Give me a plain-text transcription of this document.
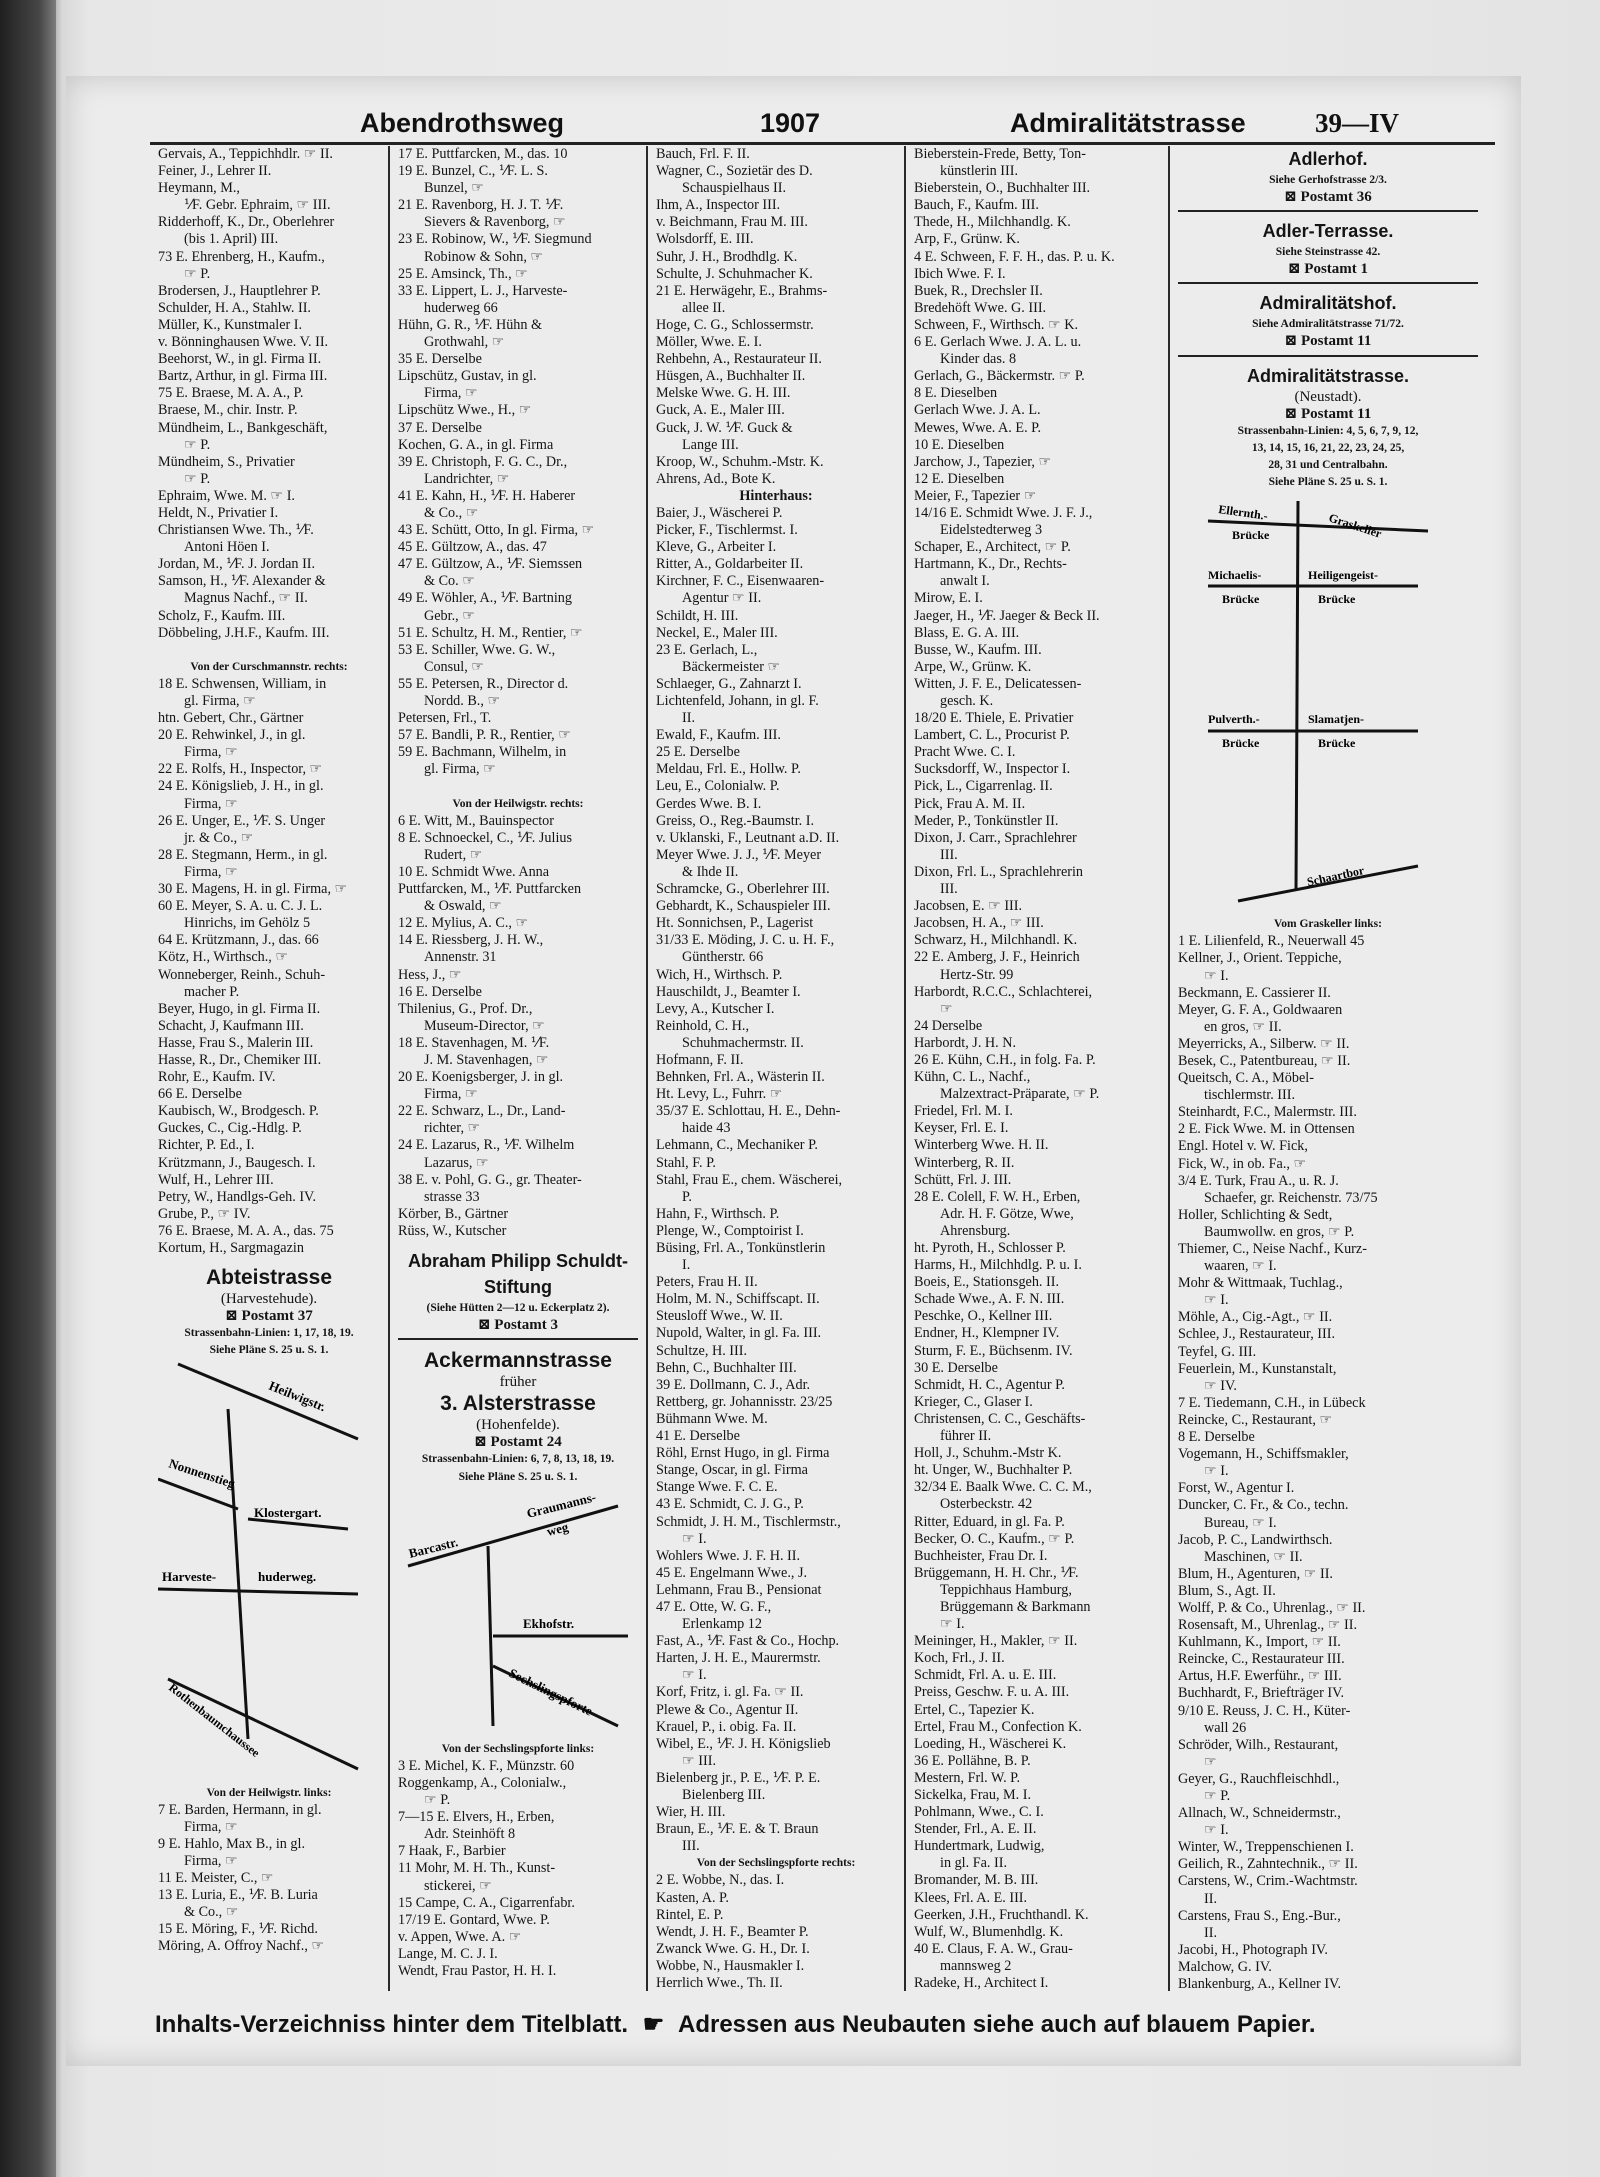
Abendrothsweg	1907	Admiralitätstrasse	39—IV
Gervais, A., Teppichhdlr. ☞ II.
Feiner, J., Lehrer II.
Heymann, M.,
⅟F. Gebr. Ephraim, ☞ III.
Ridderhoff, K., Dr., Oberlehrer
(bis 1. April) III.
73 E. Ehrenberg, H., Kaufm.,
☞ P.
Brodersen, J., Hauptlehrer P.
Schulder, H. A., Stahlw. II.
Müller, K., Kunstmaler I.
v. Bönninghausen Wwe. V. II.
Beehorst, W., in gl. Firma II.
Bartz, Arthur, in gl. Firma III.
75 E. Braese, M. A. A., P.
Braese, M., chir. Instr. P.
Mündheim, L., Bankgeschäft,
☞ P.
Mündheim, S., Privatier
☞ P.
Ephraim, Wwe. M. ☞ I.
Heldt, N., Privatier I.
Christiansen Wwe. Th., ⅟F.
Antoni Höen I.
Jordan, M., ⅟F. J. Jordan II.
Samson, H., ⅟F. Alexander &
Magnus Nachf., ☞ II.
Scholz, F., Kaufm. III.
Döbbeling, J.H.F., Kaufm. III.

Von der Curschmannstr. rechts:
18 E. Schwensen, William, in
gl. Firma, ☞
htn. Gebert, Chr., Gärtner
20 E. Rehwinkel, J., in gl.
Firma, ☞
22 E. Rolfs, H., Inspector, ☞
24 E. Königslieb, J. H., in gl.
Firma, ☞
26 E. Unger, E., ⅟F. S. Unger
jr. & Co., ☞
28 E. Stegmann, Herm., in gl.
Firma, ☞
30 E. Magens, H. in gl. Firma, ☞
60 E. Meyer, S. A. u. C. J. L.
Hinrichs, im Gehölz 5
64 E. Krützmann, J., das. 66
Kötz, H., Wirthsch., ☞
Wonneberger, Reinh., Schuh-
macher P.
Beyer, Hugo, in gl. Firma II.
Schacht, J, Kaufmann III.
Hasse, Frau S., Malerin III.
Hasse, R., Dr., Chemiker III.
Rohr, E., Kaufm. IV.
66 E. Derselbe
Kaubisch, W., Brodgesch. P.
Guckes, C., Cig.-Hdlg. P.
Richter, P. Ed., I.
Krützmann, J., Baugesch. I.
Wulf, H., Lehrer III.
Petry, W., Handlgs-Geh. IV.
Grube, P., ☞ IV.
76 E. Braese, M. A. A., das. 75
Kortum, H., Sargmagazin
Abteistrasse
(Harvestehude).
⊠ Postamt 37
Strassenbahn-Linien: 1, 17, 18, 19.
Siehe Pläne S. 25 u. S. 1.
Heilwigstr.
Nonnenstieg
Klostergart.
Harveste-	huderweg.
Rothenbaumchaussee
Von der Heilwigstr. links:
7 E. Barden, Hermann, in gl.
Firma, ☞
9 E. Hahlo, Max B., in gl.
Firma, ☞
11 E. Meister, C., ☞
13 E. Luria, E., ⅟F. B. Luria
& Co., ☞
15 E. Möring, F., ⅟F. Richd.
Möring, A. Offroy Nachf., ☞
17 E. Puttfarcken, M., das. 10
19 E. Bunzel, C., ⅟F. L. S.
Bunzel, ☞
21 E. Ravenborg, H. J. T. ⅟F.
Sievers & Ravenborg, ☞
23 E. Robinow, W., ⅟F. Siegmund
Robinow & Sohn, ☞
25 E. Amsinck, Th., ☞
33 E. Lippert, L. J., Harveste-
huderweg 66
Hühn, G. R., ⅟F. Hühn &
Grothwahl, ☞
35 E. Derselbe
Lipschütz, Gustav, in gl.
Firma, ☞
Lipschütz Wwe., H., ☞
37 E. Derselbe
Kochen, G. A., in gl. Firma
39 E. Christoph, F. G. C., Dr.,
Landrichter, ☞
41 E. Kahn, H., ⅟F. H. Haberer
& Co., ☞
43 E. Schütt, Otto, In gl. Firma, ☞
45 E. Gültzow, A., das. 47
47 E. Gültzow, A., ⅟F. Siemssen
& Co. ☞
49 E. Wöhler, A., ⅟F. Bartning
Gebr., ☞
51 E. Schultz, H. M., Rentier, ☞
53 E. Schiller, Wwe. G. W.,
Consul, ☞
55 E. Petersen, R., Director d.
Nordd. B., ☞
Petersen, Frl., T.
57 E. Bandli, P. R., Rentier, ☞
59 E. Bachmann, Wilhelm, in
gl. Firma, ☞

Von der Heilwigstr. rechts:
6 E. Witt, M., Bauinspector
8 E. Schnoeckel, C., ⅟F. Julius
Rudert, ☞
10 E. Schmidt Wwe. Anna
Puttfarcken, M., ⅟F. Puttfarcken
& Oswald, ☞
12 E. Mylius, A. C., ☞
14 E. Riessberg, J. H. W.,
Annenstr. 31
Hess, J., ☞
16 E. Derselbe
Thilenius, G., Prof. Dr.,
Museum-Director, ☞
18 E. Stavenhagen, M. ⅟F.
J. M. Stavenhagen, ☞
20 E. Koenigsberger, J. in gl.
Firma, ☞
22 E. Schwarz, L., Dr., Land-
richter, ☞
24 E. Lazarus, R., ⅟F. Wilhelm
Lazarus, ☞
38 E. v. Pohl, G. G., gr. Theater-
strasse 33
Körber, B., Gärtner
Rüss, W., Kutscher
Abraham Philipp Schuldt-
Stiftung
(Siehe Hütten 2—12 u. Eckerplatz 2).
⊠ Postamt 3
Ackermannstrasse
früher
3. Alsterstrasse
(Hohenfelde).
⊠ Postamt 24
Strassenbahn-Linien: 6, 7, 8, 13, 18, 19.
Siehe Pläne S. 25 u. S. 1.
Barcastr.
Graumanns-
weg
Ekhofstr.
Sechslingspforte
Von der Sechslingspforte links:
3 E. Michel, K. F., Münzstr. 60
Roggenkamp, A., Colonialw.,
☞ P.
7—15 E. Elvers, H., Erben,
Adr. Steinhöft 8
7 Haak, F., Barbier
11 Mohr, M. H. Th., Kunst-
stickerei, ☞
15 Campe, C. A., Cigarrenfabr.
17/19 E. Gontard, Wwe. P.
v. Appen, Wwe. A. ☞
Lange, M. C. J. I.
Wendt, Frau Pastor, H. H. I.
Bauch, Frl. F. II.
Wagner, C., Sozietär des D.
Schauspielhaus II.
Ihm, A., Inspector III.
v. Beichmann, Frau M. III.
Wolsdorff, E. III.
Suhr, J. H., Brodhdlg. K.
Schulte, J. Schuhmacher K.
21 E. Herwägehr, E., Brahms-
allee II.
Hoge, C. G., Schlossermstr.
Möller, Wwe. E. I.
Rehbehn, A., Restaurateur II.
Hüsgen, A., Buchhalter II.
Melske Wwe. G. H. III.
Guck, A. E., Maler III.
Guck, J. W. ⅟F. Guck &
Lange III.
Kroop, W., Schuhm.-Mstr. K.
Ahrens, Ad., Bote K.
Hinterhaus:
Baier, J., Wäscherei P.
Picker, F., Tischlermst. I.
Kleve, G., Arbeiter I.
Ritter, A., Goldarbeiter II.
Kirchner, F. C., Eisenwaaren-
Agentur ☞ II.
Schildt, H. III.
Neckel, E., Maler III.
23 E. Gerlach, L.,
Bäckermeister ☞
Schlaeger, G., Zahnarzt I.
Lichtenfeld, Johann, in gl. F.
II.
Ewald, F., Kaufm. III.
25 E. Derselbe
Meldau, Frl. E., Hollw. P.
Leu, E., Colonialw. P.
Gerdes Wwe. B. I.
Greiss, O., Reg.-Baumstr. I.
v. Uklanski, F., Leutnant a.D. II.
Meyer Wwe. J. J., ⅟F. Meyer
& Ihde II.
Schramcke, G., Oberlehrer III.
Gebhardt, K., Schauspieler III.
Ht. Sonnichsen, P., Lagerist
31/33 E. Möding, J. C. u. H. F.,
Güntherstr. 66
Wich, H., Wirthsch. P.
Hauschildt, J., Beamter I.
Levy, A., Kutscher I.
Reinhold, C. H.,
Schuhmachermstr. II.
Hofmann, F. II.
Behnken, Frl. A., Wästerin II.
Ht. Levy, L., Fuhrr. ☞
35/37 E. Schlottau, H. E., Dehn-
haide 43
Lehmann, C., Mechaniker P.
Stahl, F. P.
Stahl, Frau E., chem. Wäscherei,
P.
Hahn, F., Wirthsch. P.
Plenge, W., Comptoirist I.
Büsing, Frl. A., Tonkünstlerin
I.
Peters, Frau H. II.
Holm, M. N., Schiffscapt. II.
Steusloff Wwe., W. II.
Nupold, Walter, in gl. Fa. III.
Schultze, H. III.
Behn, C., Buchhalter III.
39 E. Dollmann, C. J., Adr.
Rettberg, gr. Johannisstr. 23/25
Bühmann Wwe. M.
41 E. Derselbe
Röhl, Ernst Hugo, in gl. Firma
Stange, Oscar, in gl. Firma
Stange Wwe. F. C. E.
43 E. Schmidt, C. J. G., P.
Schmidt, J. H. M., Tischlermstr.,
☞ I.
Wohlers Wwe. J. F. H. II.
45 E. Engelmann Wwe., J.
Lehmann, Frau B., Pensionat
47 E. Otte, W. G. F.,
Erlenkamp 12
Fast, A., ⅟F. Fast & Co., Hochp.
Harten, J. H. E., Maurermstr.
☞ I.
Korf, Fritz, i. gl. Fa. ☞ II.
Plewe & Co., Agentur II.
Krauel, P., i. obig. Fa. II.
Wibel, E., ⅟F. J. H. Königslieb
☞ III.
Bielenberg jr., P. E., ⅟F. P. E.
Bielenberg III.
Wier, H. III.
Braun, E., ⅟F. E. & T. Braun
III.
Von der Sechslingspforte rechts:
2 E. Wobbe, N., das. I.
Kasten, A. P.
Rintel, E. P.
Wendt, J. H. F., Beamter P.
Zwanck Wwe. G. H., Dr. I.
Wobbe, N., Hausmakler I.
Herrlich Wwe., Th. II.
Bieberstein-Frede, Betty, Ton-
künstlerin III.
Bieberstein, O., Buchhalter III.
Bauch, F., Kaufm. III.
Thede, H., Milchhandlg. K.
Arp, F., Grünw. K.
4 E. Schween, F. F. H., das. P. u. K.
Ibich Wwe. F. I.
Buek, R., Drechsler II.
Bredehöft Wwe. G. III.
Schween, F., Wirthsch. ☞ K.
6 E. Gerlach Wwe. J. A. L. u.
Kinder das. 8
Gerlach, G., Bäckermstr. ☞ P.
8 E. Dieselben
Gerlach Wwe. J. A. L.
Mewes, Wwe. A. E. P.
10 E. Dieselben
Jarchow, J., Tapezier, ☞
12 E. Dieselben
Meier, F., Tapezier ☞
14/16 E. Schmidt Wwe. J. F. J.,
Eidelstedterweg 3
Schaper, E., Architect, ☞ P.
Hartmann, K., Dr., Rechts-
anwalt I.
Mirow, E. I.
Jaeger, H., ⅟F. Jaeger & Beck II.
Blass, E. G. A. III.
Busse, W., Kaufm. III.
Arpe, W., Grünw. K.
Witten, J. F. E., Delicatessen-
gesch. K.
18/20 E. Thiele, E. Privatier
Lambert, C. L., Procurist P.
Pracht Wwe. C. I.
Sucksdorff, W., Inspector I.
Pick, L., Cigarrenlag. II.
Pick, Frau A. M. II.
Meder, P., Tonkünstler II.
Dixon, J. Carr., Sprachlehrer
III.
Dixon, Frl. L., Sprachlehrerin
III.
Jacobsen, E. ☞ III.
Jacobsen, H. A., ☞ III.
Schwarz, H., Milchhandl. K.
22 E. Amberg, J. F., Heinrich
Hertz-Str. 99
Harbordt, R.C.C., Schlachterei,
☞
24 Derselbe
Harbordt, J. H. N.
26 E. Kühn, C.H., in folg. Fa. P.
Kühn, C. L., Nachf.,
Malzextract-Präparate, ☞ P.
Friedel, Frl. M. I.
Keyser, Frl. E. I.
Winterberg Wwe. H. II.
Winterberg, R. II.
Schütt, Frl. J. III.
28 E. Colell, F. W. H., Erben,
Adr. H. F. Götze, Wwe,
Ahrensburg.
ht. Pyroth, H., Schlosser P.
Harms, H., Milchhdlg. P. u. I.
Boeis, E., Stationsgeh. II.
Schade Wwe., A. F. N. III.
Peschke, O., Kellner III.
Endner, H., Klempner IV.
Sturm, F. E., Büchsenm. IV.
30 E. Derselbe
Schmidt, H. C., Agentur P.
Krieger, C., Glaser I.
Christensen, C. C., Geschäfts-
führer II.
Holl, J., Schuhm.-Mstr K.
ht. Unger, W., Buchhalter P.
32/34 E. Baalk Wwe. C. C. M.,
Osterbeckstr. 42
Ritter, Eduard, in gl. Fa. P.
Becker, O. C., Kaufm., ☞ P.
Buchheister, Frau Dr. I.
Brüggemann, H. H. Chr., ⅟F.
Teppichhaus Hamburg,
Brüggemann & Barkmann
☞ I.
Meininger, H., Makler, ☞ II.
Koch, Frl., J. II.
Schmidt, Frl. A. u. E. III.
Preiss, Geschw. F. u. A. III.
Ertel, C., Tapezier K.
Ertel, Frau M., Confection K.
Loeding, H., Wäscherei K.
36 E. Pollähne, B. P.
Mestern, Frl. W. P.
Sickelka, Frau, M. I.
Pohlmann, Wwe., C. I.
Stender, Frl., A. E. II.
Hundertmark, Ludwig,
in gl. Fa. II.
Bromander, M. B. III.
Klees, Frl. A. E. III.
Geerken, J.H., Fruchthandl. K.
Wulf, W., Blumenhdlg. K.
40 E. Claus, F. A. W., Grau-
mannsweg 2
Radeke, H., Architect I.
Adlerhof.
Siehe Gerhofstrasse 2/3.
⊠ Postamt 36
Adler-Terrasse.
Siehe Steinstrasse 42.
⊠ Postamt 1
Admiralitätshof.
Siehe Admiralitätstrasse 71/72.
⊠ Postamt 11
Admiralitätstrasse.
(Neustadt).
⊠ Postamt 11
Strassenbahn-Linien: 4, 5, 6, 7, 9, 12,
13, 14, 15, 16, 21, 22, 23, 24, 25,
28, 31 und Centralbahn.
Siehe Pläne S. 25 u. S. 1.
Ellernth.-
Brücke	Graskeller
Michaelis-
Brücke
Heiligengeist-
Brücke
Pulverth.-
Brücke
Slamatjen-
Brücke
Schaartbor
Vom Graskeller links:
1 E. Lilienfeld, R., Neuerwall 45
Kellner, J., Orient. Teppiche,
☞ I.
Beckmann, E. Cassierer II.
Meyer, G. F. A., Goldwaaren
en gros, ☞ II.
Meyerricks, A., Silberw. ☞ II.
Besek, C., Patentbureau, ☞ II.
Queitsch, C. A., Möbel-
tischlermstr. III.
Steinhardt, F.C., Malermstr. III.
2 E. Fick Wwe. M. in Ottensen
Engl. Hotel v. W. Fick,
Fick, W., in ob. Fa., ☞
3/4 E. Turk, Frau A., u. R. J.
Schaefer, gr. Reichenstr. 73/75
Holler, Schlichting & Sedt,
Baumwollw. en gros, ☞ P.
Thiemer, C., Neise Nachf., Kurz-
waaren, ☞ I.
Mohr & Wittmaak, Tuchlag.,
☞ I.
Möhle, A., Cig.-Agt., ☞ II.
Schlee, J., Restaurateur, III.
Teyfel, G. III.
Feuerlein, M., Kunstanstalt,
☞ IV.
7 E. Tiedemann, C.H., in Lübeck
Reincke, C., Restaurant, ☞
8 E. Derselbe
Vogemann, H., Schiffsmakler,
☞ I.
Forst, W., Agentur I.
Duncker, C. Fr., & Co., techn.
Bureau, ☞ I.
Jacob, P. C., Landwirthsch.
Maschinen, ☞ II.
Blum, H., Agenturen, ☞ II.
Blum, S., Agt. II.
Wolff, P. & Co., Uhrenlag., ☞ II.
Rosensaft, M., Uhrenlag., ☞ II.
Kuhlmann, K., Import, ☞ II.
Reincke, C., Restaurateur III.
Artus, H.F. Ewerführ., ☞ III.
Buchhardt, F., Briefträger IV.
9/10 E. Reuss, J. C. H., Küter-
wall 26
Schröder, Wilh., Restaurant,
☞
Geyer, G., Rauchfleischhdl.,
☞ P.
Allnach, W., Schneidermstr.,
☞ I.
Winter, W., Treppenschienen I.
Geilich, R., Zahntechnik., ☞ II.
Carstens, W., Crim.-Wachtmstr.
II.
Carstens, Frau S., Eng.-Bur.,
II.
Jacobi, H., Photograph IV.
Malchow, G. IV.
Blankenburg, A., Kellner IV.
Inhalts-Verzeichniss hinter dem Titelblatt. ☛ Adressen aus Neubauten siehe auch auf blauem Papier.
